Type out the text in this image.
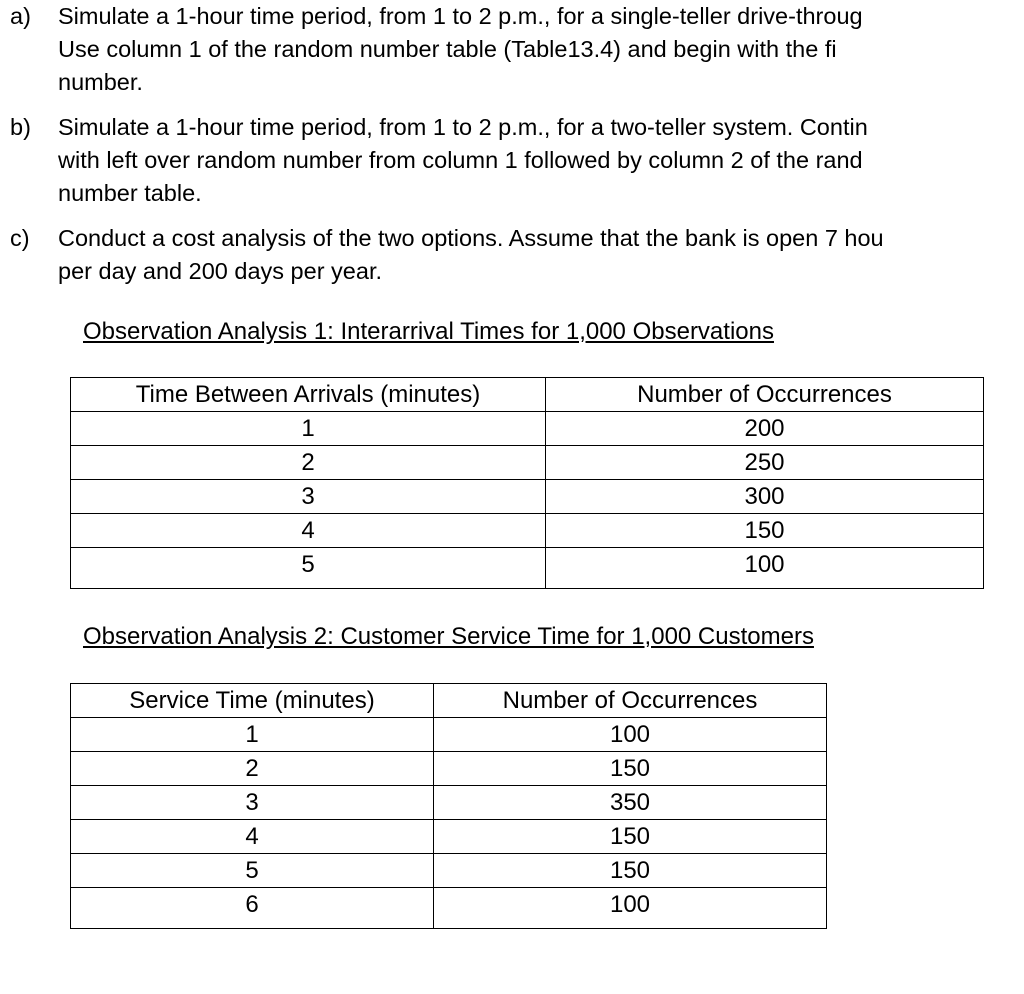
a) Simulate a 1-hour time period, from 1 to 2 p.m., for a single-teller drive-throug
Use column 1 of the random number table (Table13.4) and begin with the fi
number.
b) Simulate a 1-hour time period, from 1 to 2 p.m., for a two-teller system. Contin
with left over random number from column 1 followed by column 2 of the rand
number table.
c) Conduct a cost analysis of the two options. Assume that the bank is open 7 hou
per day and 200 days per year.
Observation Analysis 1: Interarrival Times for 1,000 Observations
Time Between Arrivals (minutes)	Number of Occurrences
1	200
2	250
3	300
4	150
5	100
Observation Analysis 2: Customer Service Time for 1,000 Customers
Service Time (minutes)	Number of Occurrences
1	100
2	150
3	350
4	150
5	150
6	100
